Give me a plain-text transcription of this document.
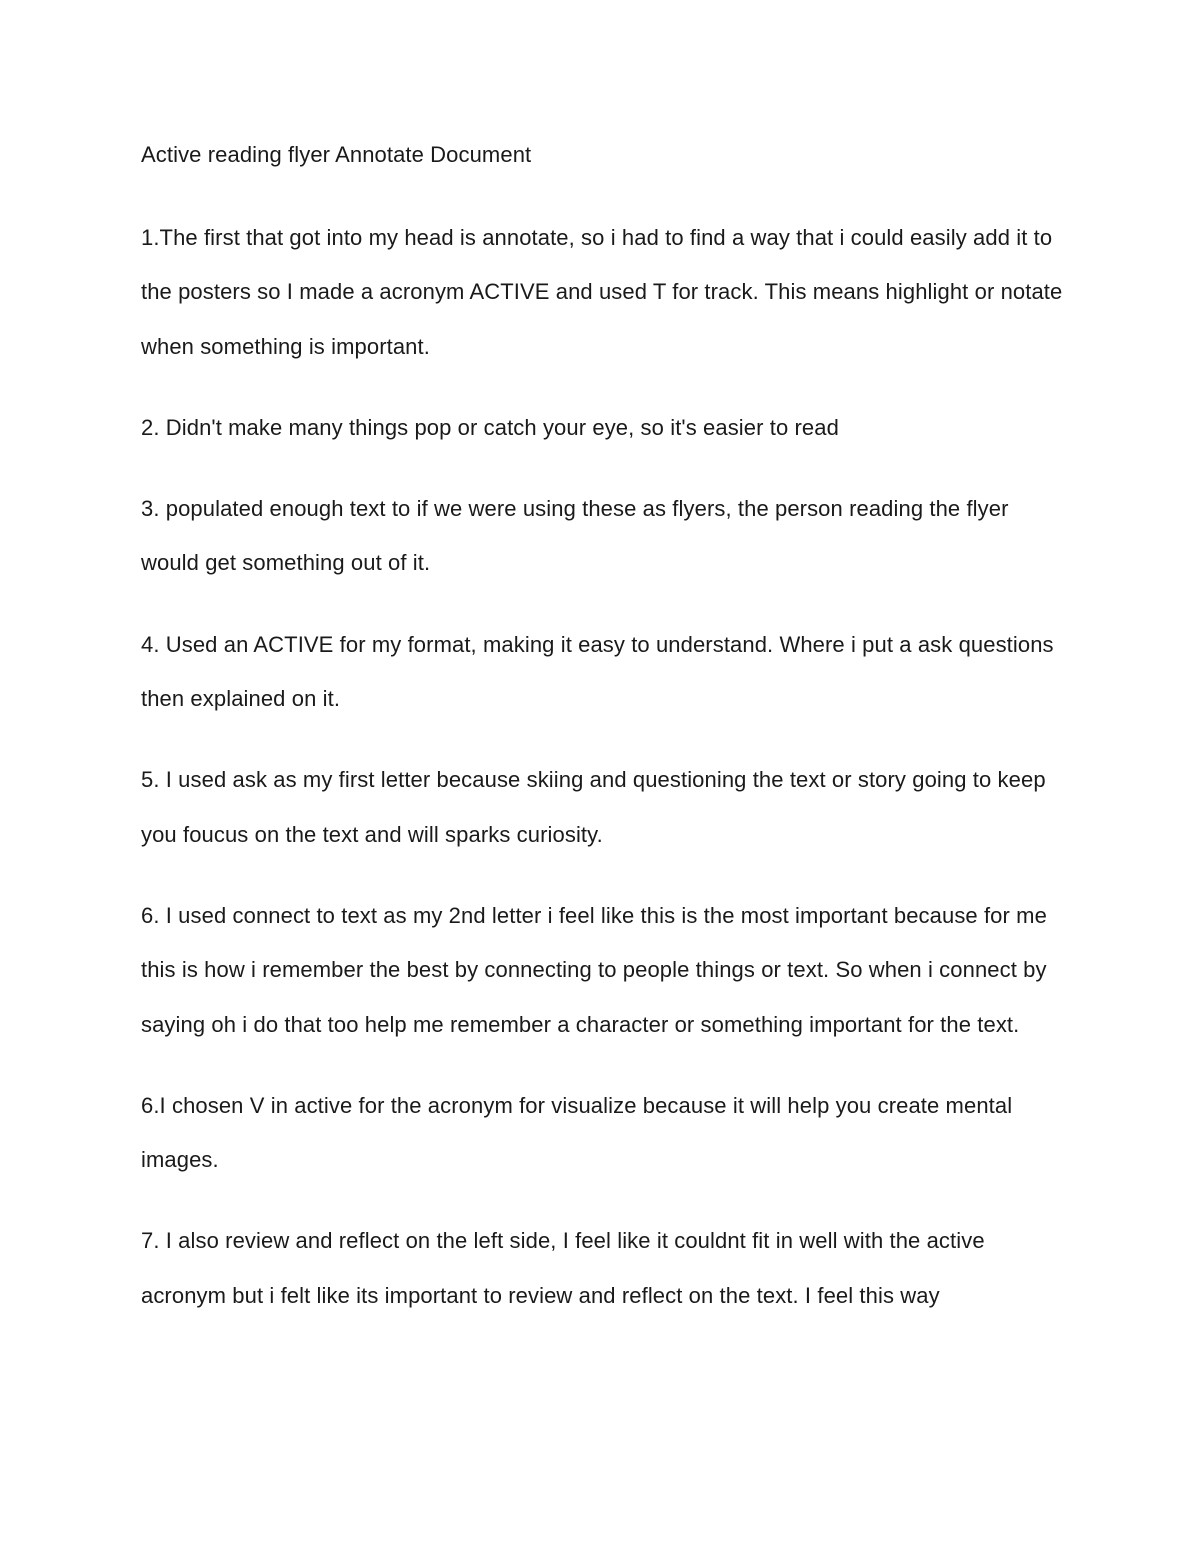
Active reading flyer Annotate Document

1.The first that got into my head is annotate, so i had to find a way that i could easily add it to the posters so I made a acronym ACTIVE and used T for track. This means highlight or notate when something is important.

2. Didn't make many things pop or catch your eye, so it's easier to read

3. populated enough text to if we were using these as flyers, the person reading the flyer would get something out of it.

4. Used an ACTIVE for my format, making it easy to understand. Where i put a ask questions then explained on it.

5. I used ask as my first letter because skiing and questioning the text or story going to keep you foucus on the text and will sparks curiosity.

6. I used connect to text as my 2nd letter i feel like this is the most important because for me this is how i remember the best by connecting to people things or text. So when i connect by saying oh i do that too help me remember a character or something important for the text.

6.I chosen V in active for the acronym for visualize because it will help you create mental images.

7. I also review and reflect on the left side, I feel like it couldnt fit in well with the active acronym but i felt like its important to review and reflect on the text. I feel this way
